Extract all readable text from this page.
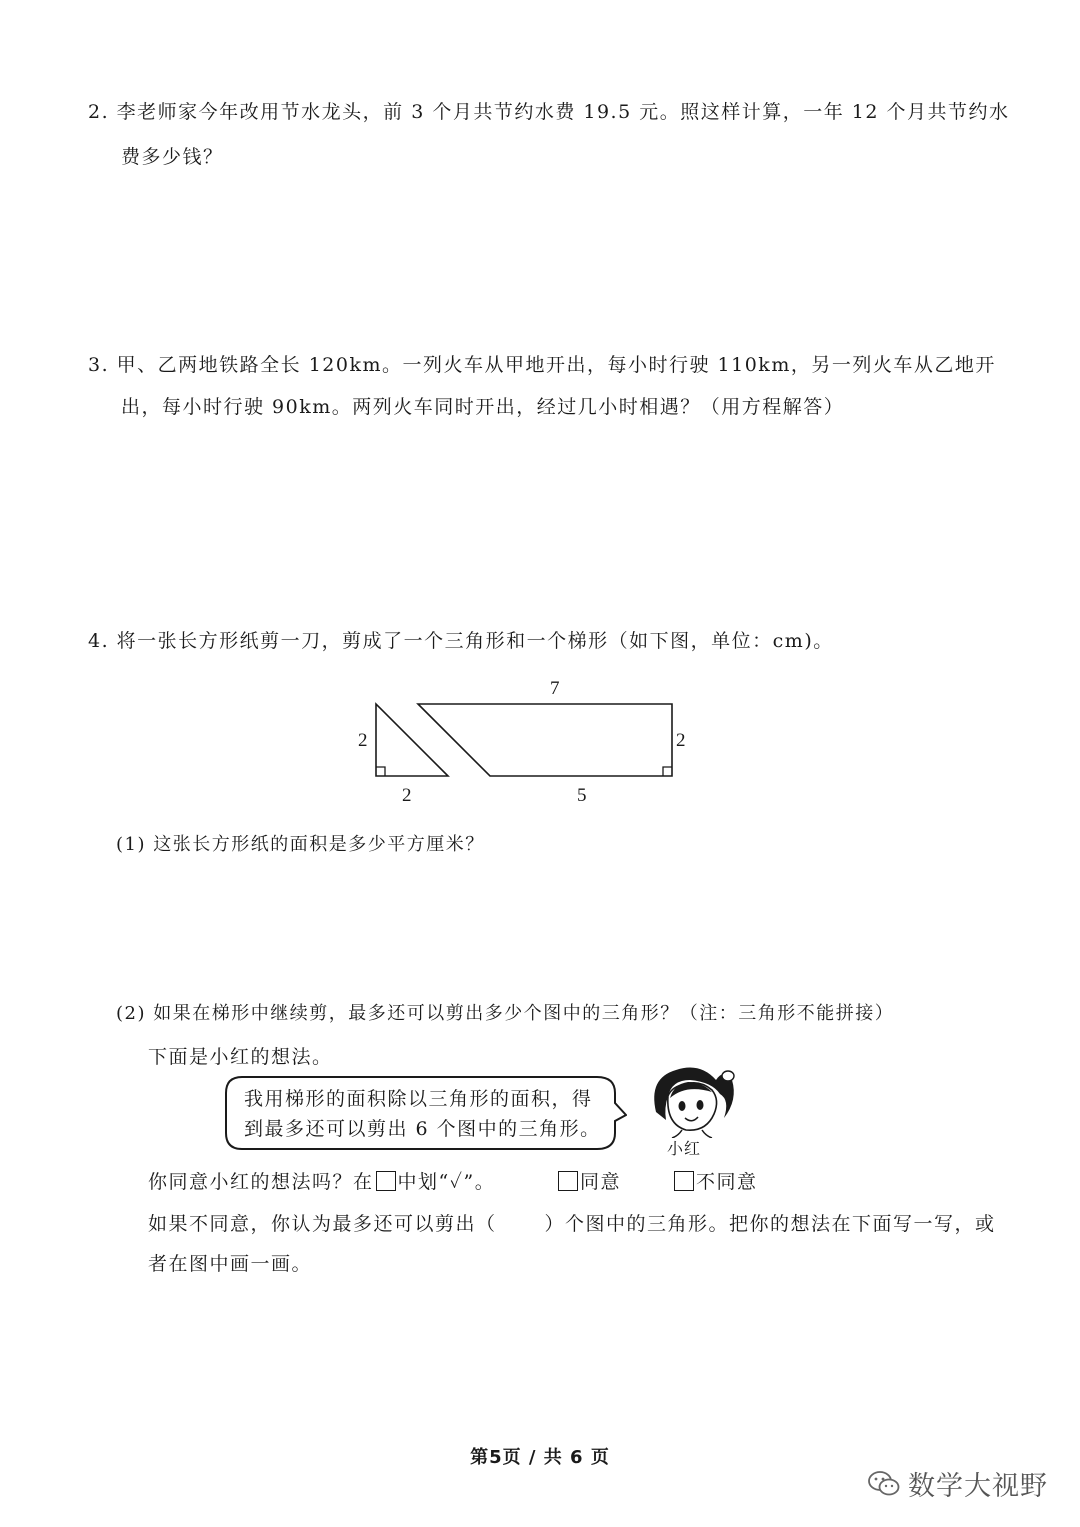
2. 李老师家今年改用节水龙头，前 3 个月共节约水费 19.5 元。照这样计算，一年 12 个月共节约水
费多少钱？
3. 甲、乙两地铁路全长 120km。一列火车从甲地开出，每小时行驶 110km，另一列火车从乙地开
出，每小时行驶 90km。两列火车同时开出，经过几小时相遇？（用方程解答）
4. 将一张长方形纸剪一刀，剪成了一个三角形和一个梯形（如下图，单位：cm)。
2
2
7
5
2
(1) 这张长方形纸的面积是多少平方厘米？
(2) 如果在梯形中继续剪，最多还可以剪出多少个图中的三角形？（注：三角形不能拼接）
下面是小红的想法。
我用梯形的面积除以三角形的面积，得
到最多还可以剪出 6 个图中的三角形。
小红
你同意小红的想法吗？在 中划“✓”。	同意	不同意
如果不同意，你认为最多还可以剪出（	）个图中的三角形。把你的想法在下面写一写，或
者在图中画一画。
第5页 / 共 6 页
数学大视野
